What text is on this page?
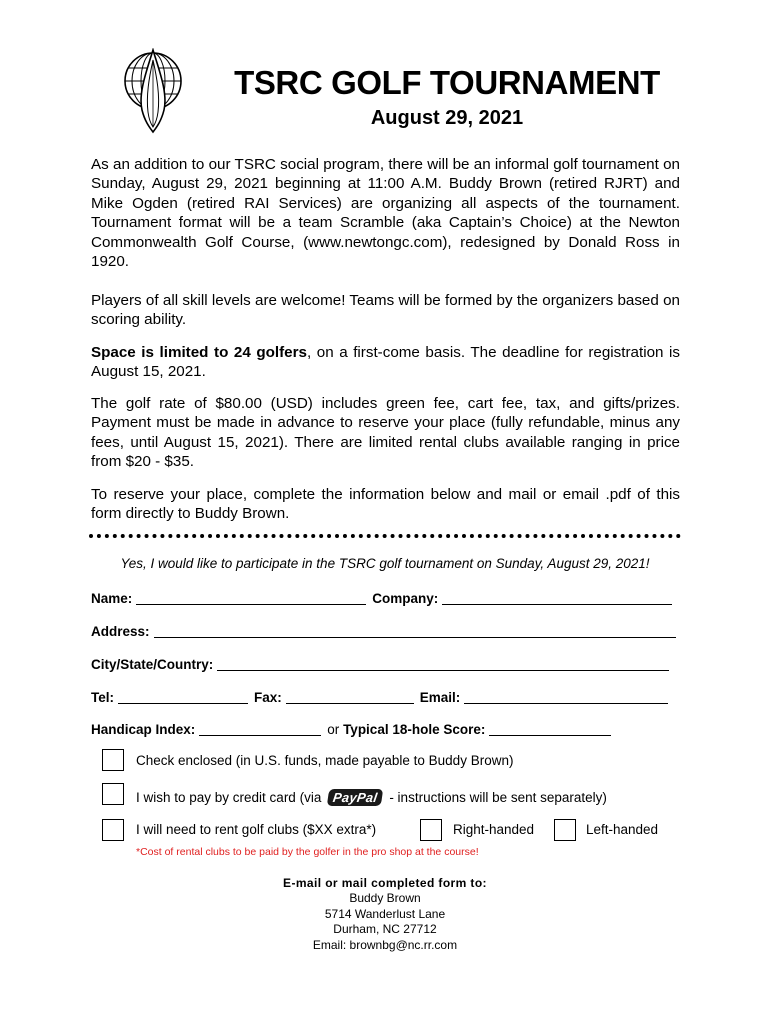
TSRC GOLF TOURNAMENT
August 29, 2021

As an addition to our TSRC social program, there will be an informal golf tournament on Sunday, August 29, 2021 beginning at 11:00 A.M. Buddy Brown (retired RJRT) and Mike Ogden (retired RAI Services) are organizing all aspects of the tournament. Tournament format will be a team Scramble (aka Captain’s Choice) at the Newton Commonwealth Golf Course, (www.newtongc.com), redesigned by Donald Ross in 1920.

Players of all skill levels are welcome! Teams will be formed by the organizers based on scoring ability.

Space is limited to 24 golfers, on a first-come basis. The deadline for registration is August 15, 2021.

The golf rate of $80.00 (USD) includes green fee, cart fee, tax, and gifts/prizes. Payment must be made in advance to reserve your place (fully refundable, minus any fees, until August 15, 2021). There are limited rental clubs available ranging in price from $20 - $35.

To reserve your place, complete the information below and mail or email .pdf of this form directly to Buddy Brown.

Yes, I would like to participate in the TSRC golf tournament on Sunday, August 29, 2021!
Name:	Company:
Address:
City/State/Country:
Tel:	Fax:	Email:
Handicap Index:	or Typical 18-hole Score:
Check enclosed (in U.S. funds, made payable to Buddy Brown)
I wish to pay by credit card (via PayPal - instructions will be sent separately)
I will need to rent golf clubs ($XX extra*)	Right-handed	Left-handed
*Cost of rental clubs to be paid by the golfer in the pro shop at the course!
E-mail or mail completed form to:
Buddy Brown
5714 Wanderlust Lane
Durham, NC 27712
Email: brownbg@nc.rr.com
